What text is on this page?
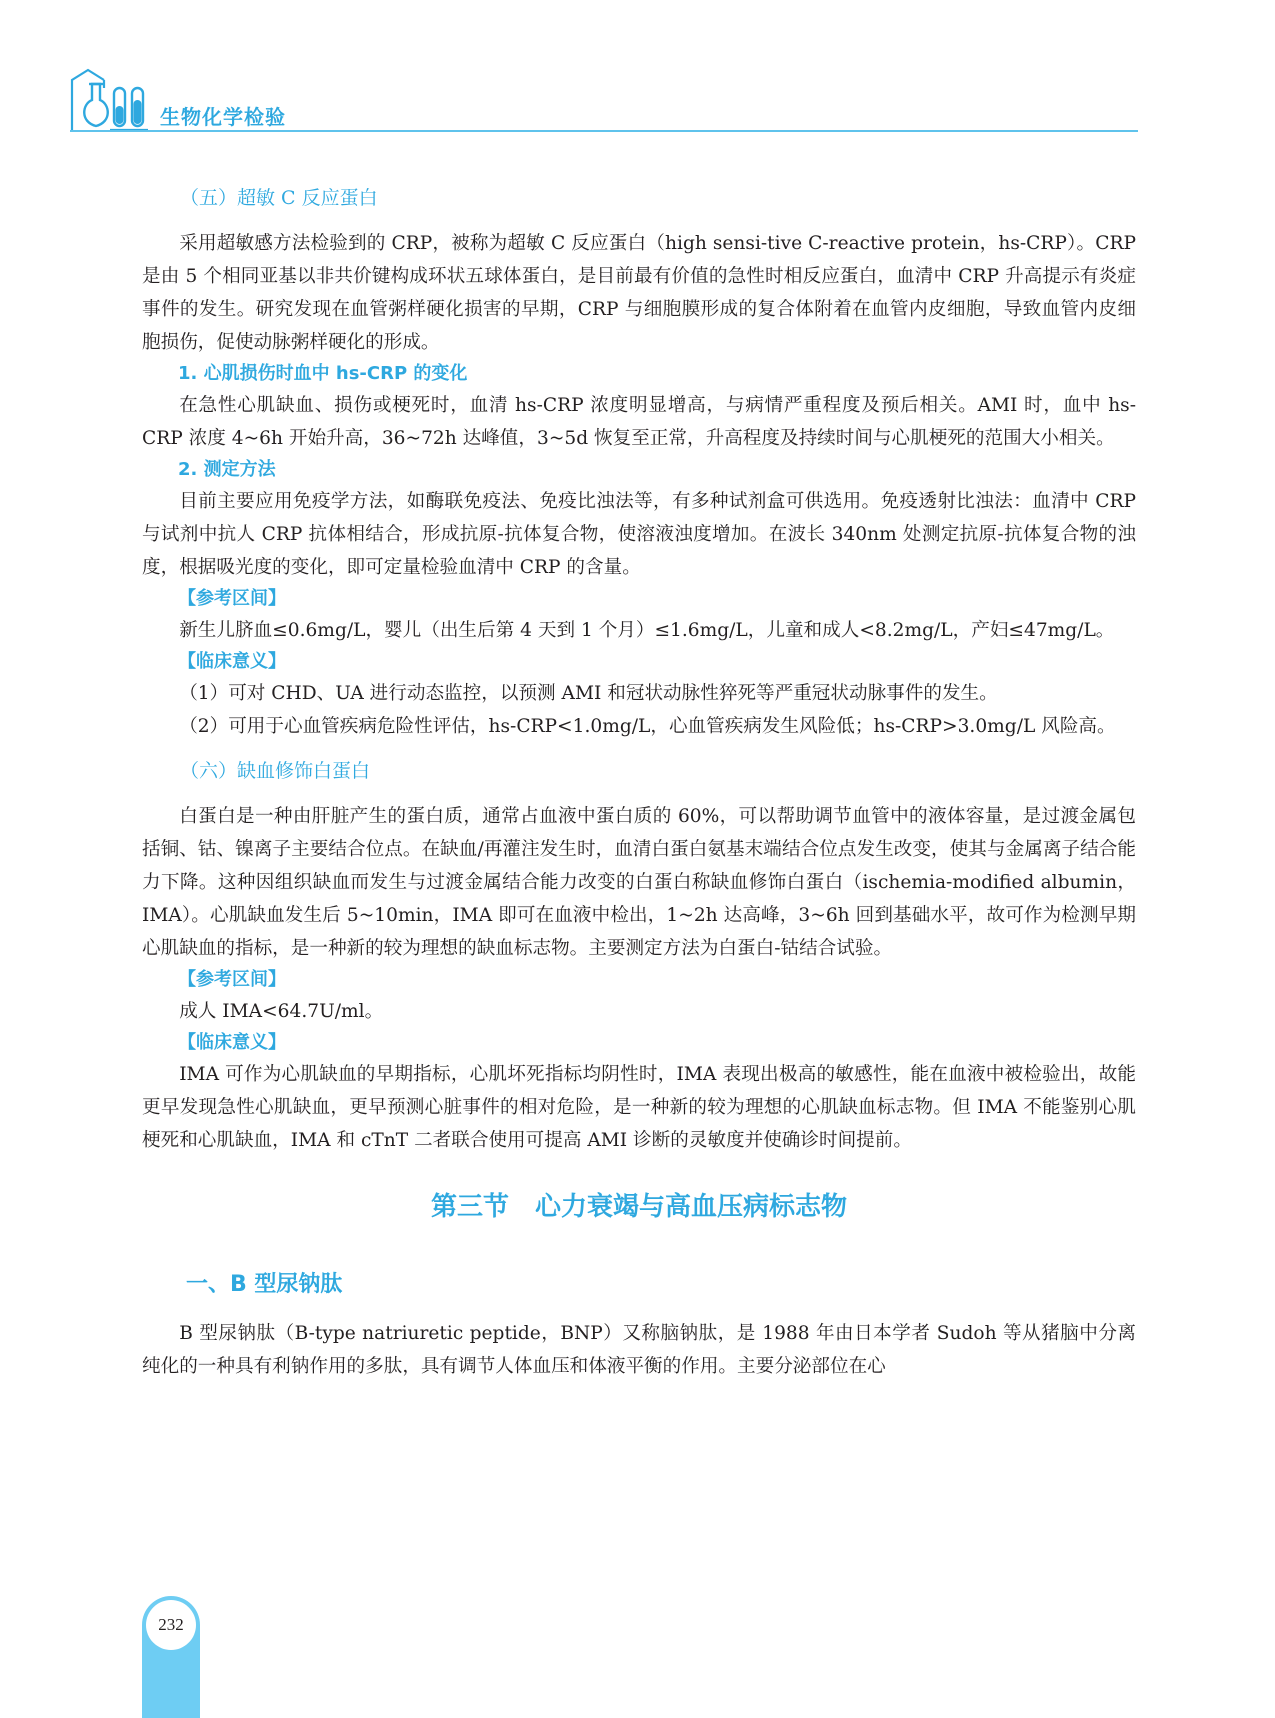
生物化学检验
（五）超敏 C 反应蛋白

采用超敏感方法检验到的 CRP，被称为超敏 C 反应蛋白（high sensi-tive C-reactive protein，hs-CRP）。CRP 是由 5 个相同亚基以非共价键构成环状五球体蛋白，是目前最有价值的急性时相反应蛋白，血清中 CRP 升高提示有炎症事件的发生。研究发现在血管粥样硬化损害的早期，CRP 与细胞膜形成的复合体附着在血管内皮细胞，导致血管内皮细胞损伤，促使动脉粥样硬化的形成。

1. 心肌损伤时血中 hs-CRP 的变化

在急性心肌缺血、损伤或梗死时，血清 hs-CRP 浓度明显增高，与病情严重程度及预后相关。AMI 时，血中 hs-CRP 浓度 4~6h 开始升高，36~72h 达峰值，3~5d 恢复至正常，升高程度及持续时间与心肌梗死的范围大小相关。

2. 测定方法

目前主要应用免疫学方法，如酶联免疫法、免疫比浊法等，有多种试剂盒可供选用。免疫透射比浊法：血清中 CRP 与试剂中抗人 CRP 抗体相结合，形成抗原-抗体复合物，使溶液浊度增加。在波长 340nm 处测定抗原-抗体复合物的浊度，根据吸光度的变化，即可定量检验血清中 CRP 的含量。

【参考区间】

新生儿脐血≤0.6mg/L，婴儿（出生后第 4 天到 1 个月）≤1.6mg/L，儿童和成人<8.2mg/L，产妇≤47mg/L。

【临床意义】

（1）可对 CHD、UA 进行动态监控，以预测 AMI 和冠状动脉性猝死等严重冠状动脉事件的发生。

（2）可用于心血管疾病危险性评估，hs-CRP<1.0mg/L，心血管疾病发生风险低；hs-CRP>3.0mg/L 风险高。

（六）缺血修饰白蛋白

白蛋白是一种由肝脏产生的蛋白质，通常占血液中蛋白质的 60%，可以帮助调节血管中的液体容量，是过渡金属包括铜、钴、镍离子主要结合位点。在缺血/再灌注发生时，血清白蛋白氨基末端结合位点发生改变，使其与金属离子结合能力下降。这种因组织缺血而发生与过渡金属结合能力改变的白蛋白称缺血修饰白蛋白（ischemia-modified albumin，IMA）。心肌缺血发生后 5~10min，IMA 即可在血液中检出，1~2h 达高峰，3~6h 回到基础水平，故可作为检测早期心肌缺血的指标，是一种新的较为理想的缺血标志物。主要测定方法为白蛋白-钴结合试验。

【参考区间】

成人 IMA<64.7U/ml。

【临床意义】

IMA 可作为心肌缺血的早期指标，心肌坏死指标均阴性时，IMA 表现出极高的敏感性，能在血液中被检验出，故能更早发现急性心肌缺血，更早预测心脏事件的相对危险，是一种新的较为理想的心肌缺血标志物。但 IMA 不能鉴别心肌梗死和心肌缺血，IMA 和 cTnT 二者联合使用可提高 AMI 诊断的灵敏度并使确诊时间提前。

第三节　心力衰竭与高血压病标志物
一、B 型尿钠肽

B 型尿钠肽（B-type natriuretic peptide，BNP）又称脑钠肽，是 1988 年由日本学者 Sudoh 等从猪脑中分离纯化的一种具有利钠作用的多肽，具有调节人体血压和体液平衡的作用。主要分泌部位在心

232
